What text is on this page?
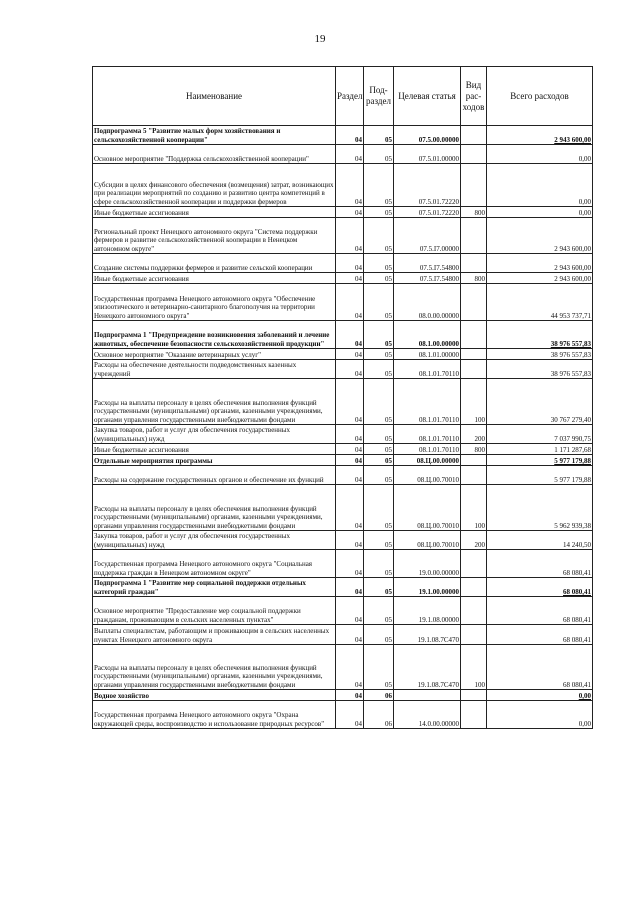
19
Наименование	Раздел	Под-раздел	Целевая статья	Вид рас-ходов	Всего расходов
Подпрограмма 5 "Развитие малых форм хозяйствования и сельскохозяйственной кооперации"	04	05	07.5.00.00000		2 943 600,00
Основное мероприятие "Поддержка сельскохозяйственной кооперации"	04	05	07.5.01.00000		0,00
Субсидии в целях финансового обеспечения (возмещения) затрат, возникающих при реализации мероприятий по созданию и развитию центра компетенций в сфере сельскохозяйственной кооперации и поддержки фермеров	04	05	07.5.01.72220		0,00
Иные бюджетные ассигнования	04	05	07.5.01.72220	800	0,00
Региональный проект Ненецкого автономного округа "Система поддержки фермеров и развитие сельскохозяйственной кооперации в Ненецком автономном округе"	04	05	07.5.I7.00000		2 943 600,00
Создание системы поддержки фермеров и развитие сельской кооперации	04	05	07.5.I7.54800		2 943 600,00
Иные бюджетные ассигнования	04	05	07.5.I7.54800	800	2 943 600,00
Государственная программа Ненецкого автономного округа "Обеспечение эпизоотического и ветеринарно-санитарного благополучия на территории Ненецкого автономного округа"	04	05	08.0.00.00000		44 953 737,71
Подпрограмма 1 "Предупреждение возникновения заболеваний и лечение животных, обеспечение безопасности сельскохозяйственной продукции"	04	05	08.1.00.00000		38 976 557,83
Основное мероприятие "Оказание ветеринарных услуг"	04	05	08.1.01.00000		38 976 557,83
Расходы на обеспечение деятельности подведомственных казенных учреждений	04	05	08.1.01.70110		38 976 557,83
Расходы на выплаты персоналу в целях обеспечения выполнения функций государственными (муниципальными) органами, казенными учреждениями, органами управления государственными внебюджетными фондами	04	05	08.1.01.70110	100	30 767 279,40
Закупка товаров, работ и услуг для обеспечения государственных (муниципальных) нужд	04	05	08.1.01.70110	200	7 037 990,75
Иные бюджетные ассигнования	04	05	08.1.01.70110	800	1 171 287,68
Отдельные мероприятия программы	04	05	08.Ц.00.00000		5 977 179,88
Расходы на содержание государственных органов и обеспечение их функций	04	05	08.Ц.00.70010		5 977 179,88
Расходы на выплаты персоналу в целях обеспечения выполнения функций государственными (муниципальными) органами, казенными учреждениями, органами управления государственными внебюджетными фондами	04	05	08.Ц.00.70010	100	5 962 939,38
Закупка товаров, работ и услуг для обеспечения государственных (муниципальных) нужд	04	05	08.Ц.00.70010	200	14 240,50
Государственная программа Ненецкого автономного округа "Социальная поддержка граждан в Ненецком автономном округе"	04	05	19.0.00.00000		68 080,41
Подпрограмма 1 "Развитие мер социальной поддержки отдельных категорий граждан"	04	05	19.1.00.00000		68 080,41
Основное мероприятие "Предоставление мер социальной поддержки гражданам, проживающим в сельских населенных пунктах"	04	05	19.1.08.00000		68 080,41
Выплаты специалистам, работающим и проживающим в сельских населенных пунктах Ненецкого автономного округа	04	05	19.1.08.7С470		68 080,41
Расходы на выплаты персоналу в целях обеспечения выполнения функций государственными (муниципальными) органами, казенными учреждениями, органами управления государственными внебюджетными фондами	04	05	19.1.08.7С470	100	68 080,41
Водное хозяйство	04	06			0,00
Государственная программа Ненецкого автономного округа "Охрана окружающей среды, воспроизводство и использование природных ресурсов"	04	06	14.0.00.00000		0,00
